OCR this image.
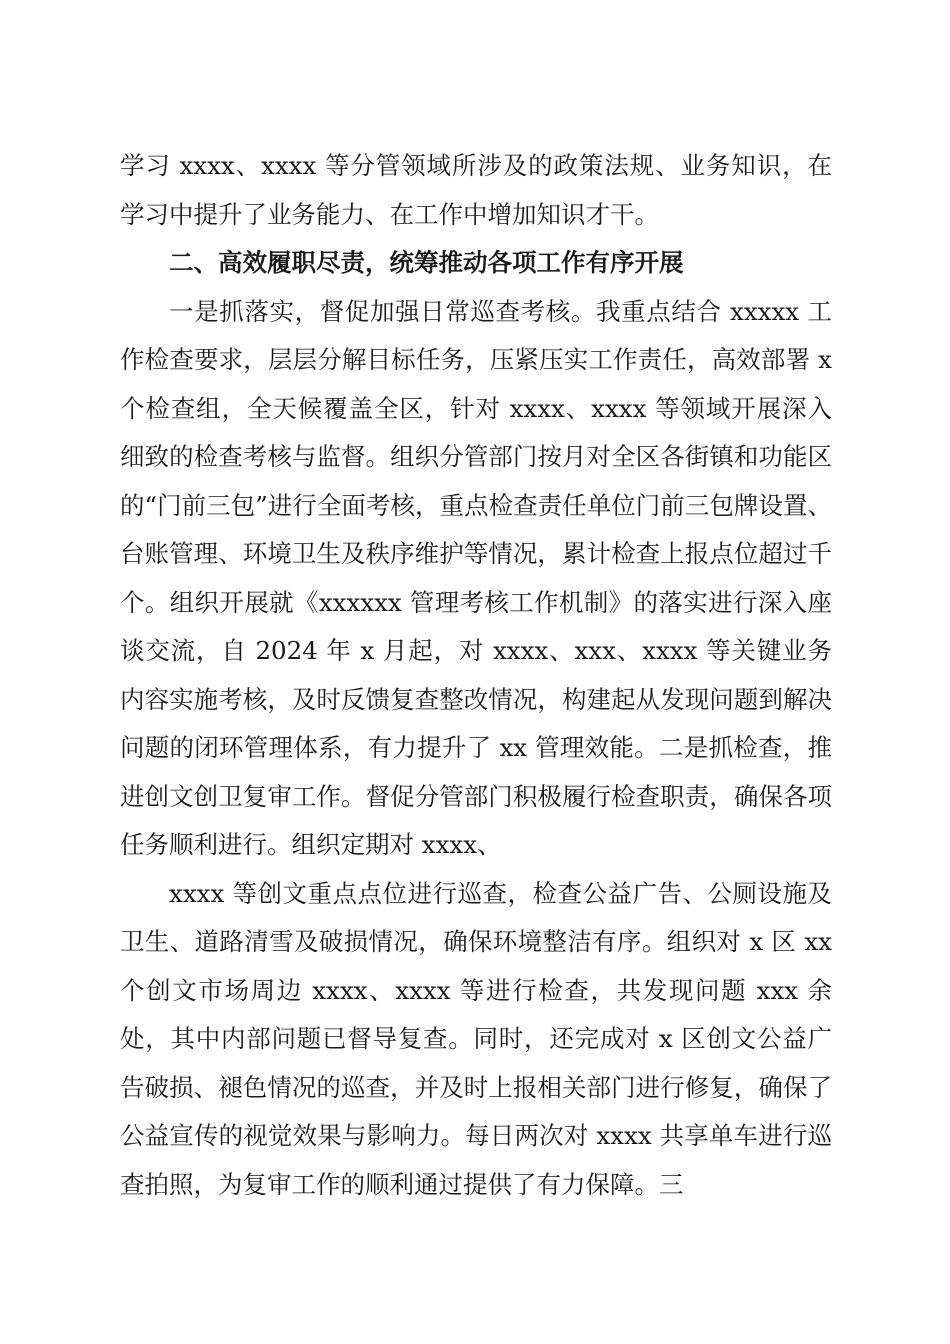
学习 xxxx、xxxx 等分管领域所涉及的政策法规、业务知识，在学习中提升了业务能力、在工作中增加知识才干。

二、高效履职尽责，统筹推动各项工作有序开展

一是抓落实，督促加强日常巡查考核。我重点结合 xxxxx 工作检查要求，层层分解目标任务，压紧压实工作责任，高效部署 x 个检查组，全天候覆盖全区，针对 xxxx、xxxx 等领域开展深入细致的检查考核与监督。组织分管部门按月对全区各街镇和功能区的“门前三包”进行全面考核，重点检查责任单位门前三包牌设置、台账管理、环境卫生及秩序维护等情况，累计检查上报点位超过千个。组织开展就《xxxxxx 管理考核工作机制》的落实进行深入座谈交流，自 2024 年 x 月起，对 xxxx、xxx、xxxx 等关键业务内容实施考核，及时反馈复查整改情况，构建起从发现问题到解决问题的闭环管理体系，有力提升了 xx 管理效能。二是抓检查，推进创文创卫复审工作。督促分管部门积极履行检查职责，确保各项任务顺利进行。组织定期对 xxxx、

xxxx 等创文重点点位进行巡查，检查公益广告、公厕设施及卫生、道路清雪及破损情况，确保环境整洁有序。组织对 x 区 xx 个创文市场周边 xxxx、xxxx 等进行检查，共发现问题 xxx 余处，其中内部问题已督导复查。同时，还完成对 x 区创文公益广告破损、褪色情况的巡查，并及时上报相关部门进行修复，确保了公益宣传的视觉效果与影响力。每日两次对 xxxx 共享单车进行巡查拍照，为复审工作的顺利通过提供了有力保障。三
